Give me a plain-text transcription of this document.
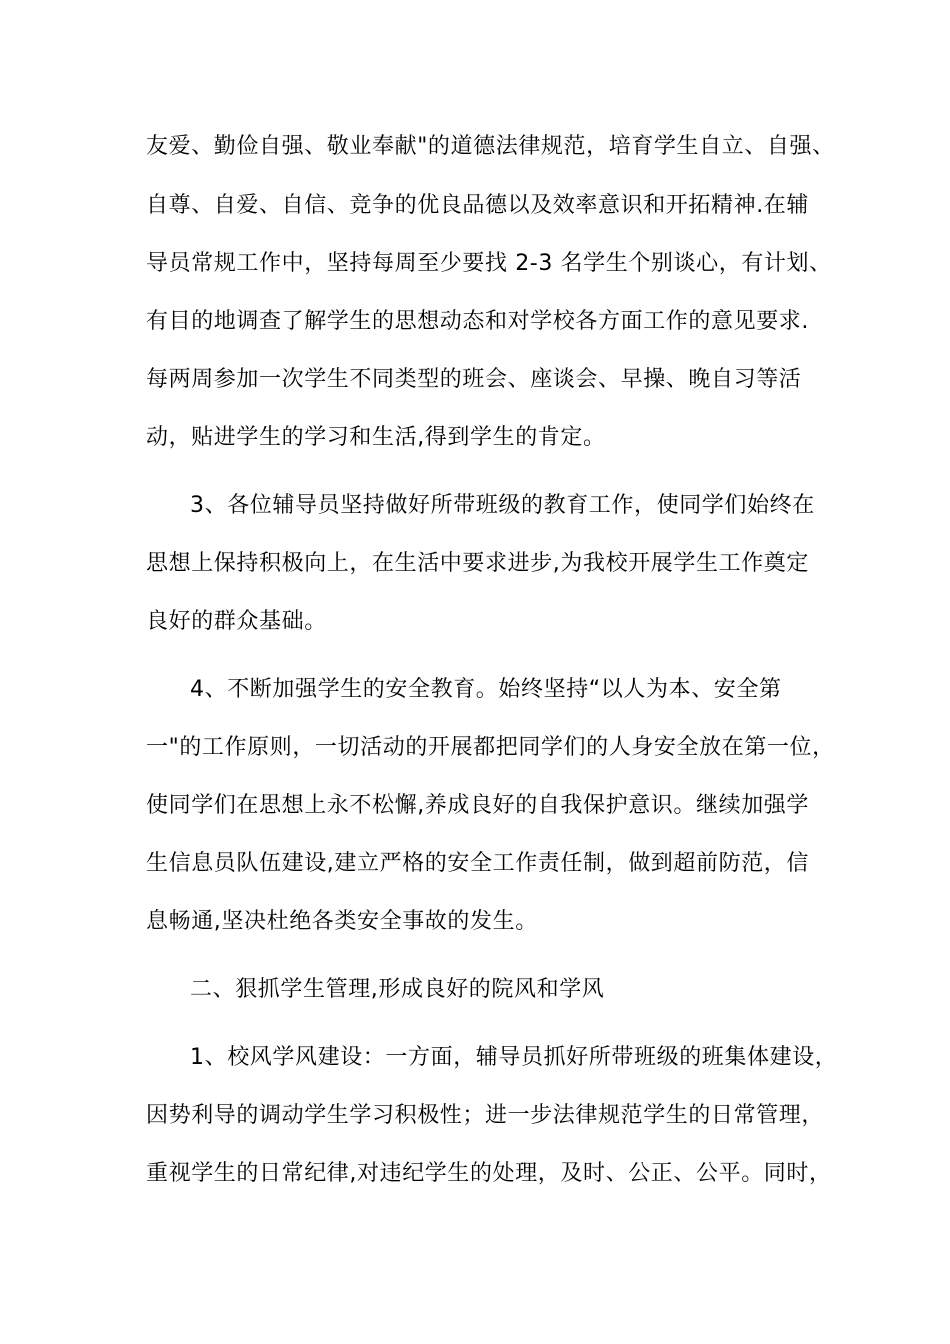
友爱、勤俭自强、敬业奉献"的道德法律规范，培育学生自立、自强、
自尊、自爱、自信、竞争的优良品德以及效率意识和开拓精神.在辅
导员常规工作中，坚持每周至少要找 2-3 名学生个别谈心，有计划、
有目的地调查了解学生的思想动态和对学校各方面工作的意见要求.
每两周参加一次学生不同类型的班会、座谈会、早操、晚自习等活
动，贴进学生的学习和生活,得到学生的肯定。
3、各位辅导员坚持做好所带班级的教育工作，使同学们始终在
思想上保持积极向上，在生活中要求进步,为我校开展学生工作奠定
良好的群众基础。
4、不断加强学生的安全教育。始终坚持“以人为本、安全第
一"的工作原则，一切活动的开展都把同学们的人身安全放在第一位，
使同学们在思想上永不松懈,养成良好的自我保护意识。继续加强学
生信息员队伍建设,建立严格的安全工作责任制，做到超前防范，信
息畅通,坚决杜绝各类安全事故的发生。
二、狠抓学生管理,形成良好的院风和学风
1、校风学风建设：一方面，辅导员抓好所带班级的班集体建设，
因势利导的调动学生学习积极性；进一步法律规范学生的日常管理，
重视学生的日常纪律,对违纪学生的处理，及时、公正、公平。同时，
